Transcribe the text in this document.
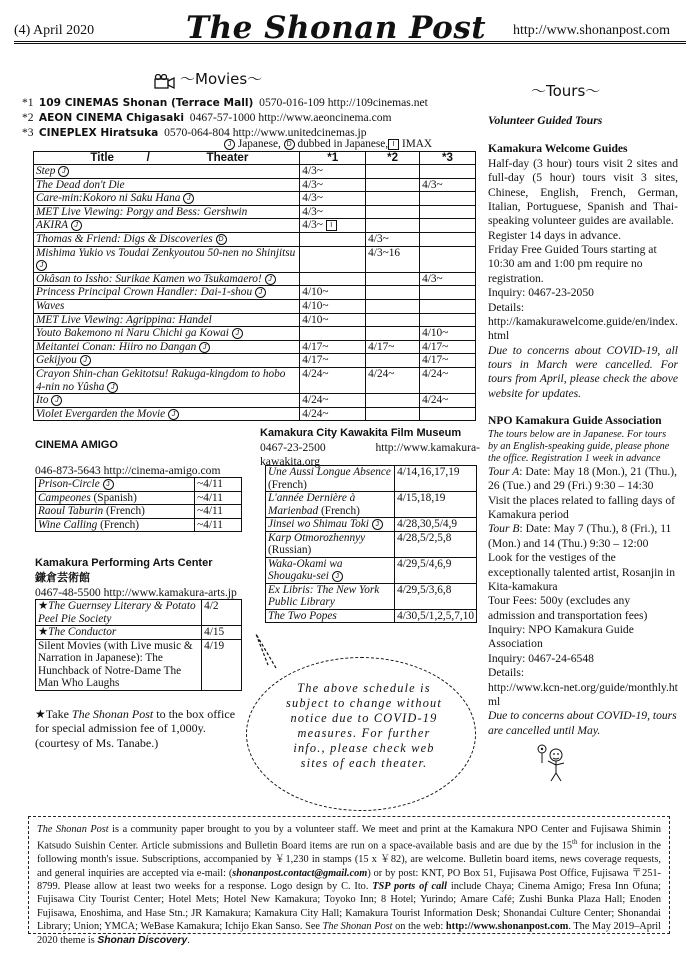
(4) April 2020	The Shonan Post http://www.shonanpost.com
〜Movies〜
*1 109 CINEMAS Shonan (Terrace Mall) 0570-016-109 http://109cinemas.net
*2 AEON CINEMA Chigasaki 0467-57-1000 http://www.aeoncinema.com
*3 CINEPLEX Hiratsuka 0570-064-804 http://www.unitedcinemas.jp
J Japanese, D dubbed in Japanese, I IMAX
Title / Theater	*1	*2	*3
Step J	4/3~		
The Dead don't Die	4/3~		4/3~
Care-min:Kokoro ni Saku Hana J	4/3~		
MET Live Viewing: Porgy and Bess: Gershwin	4/3~		
AKIRA J	4/3~ I		
Thomas & Friend: Digs & Discoveries D		4/3~	
Mishima Yukio vs Toudai Zenkyoutou 50-nen no Shinjitsu J		4/3~16	
Okâsan to Issho: Surikae Kamen wo Tsukamaero! J			4/3~
Princess Principal Crown Handler: Dai-1-shou J	4/10~		
Waves	4/10~		
MET Live Viewing: Agrippina: Handel	4/10~		
Youto Bakemono ni Naru Chichi ga Kowai J			4/10~
Meitantei Conan: Hiiro no Dangan J	4/17~	4/17~	4/17~
Gekijyou J	4/17~		4/17~
Crayon Shin-chan Gekitotsu! Rakuga-kingdom to hobo 4-nin no Yûsha J	4/24~	4/24~	4/24~
Ito J	4/24~		4/24~
Violet Evergarden the Movie J	4/24~		
〜Tours〜

Volunteer Guided Tours

Kamakura Welcome Guides

Half-day (3 hour) tours visit 2 sites and full-day (5 hour) tours visit 3 sites, Chinese, English, French, German, Italian, Portuguese, Spanish and Thai-speaking volunteer guides are available.

Register 14 days in advance.

Friday Free Guided Tours starting at 10:30 am and 1:00 pm require no registration.

Inquiry: 0467-23-2050

Details:

http://kamakurawelcome.guide/en/index.html

Due to concerns about COVID-19, all tours in March were cancelled. For tours from April, please check the above website for updates.

NPO Kamakura Guide Association

The tours below are in Japanese. For tours by an English-speaking guide, please phone the office. Registration 1 week in advance

Tour A: Date: May 18 (Mon.), 21 (Thu.), 26 (Tue.) and 29 (Fri.) 9:30 – 14:30

Visit the places related to falling days of Kamakura period

Tour B: Date: May 7 (Thu.), 8 (Fri.), 11 (Mon.) and 14 (Thu.) 9:30 – 12:00

Look for the vestiges of the exceptionally talented artist, Rosanjin in Kita-kamakura

Tour Fees: 500y (excludes any admission and transportation fees)

Inquiry: NPO Kamakura Guide Association

Inquiry: 0467-24-6548

Details:

http://www.kcn-net.org/guide/monthly.html

Due to concerns about COVID-19, tours are cancelled until May.

CINEMA AMIGO
046-873-5643 http://cinema-amigo.com
Prison-Circle J	~4/11
Campeones (Spanish)	~4/11
Raoul Taburin (French)	~4/11
Wine Calling (French)	~4/11
Kamakura Performing Arts Center
鎌倉芸術館
0467-48-5500 http://www.kamakura-arts.jp
★The Guernsey Literary & Potato Peel Pie Society	4/2
★The Conductor	4/15
Silent Movies (with Live music & Narration in Japanese): The Hunchback of Notre-Dame The Man Who Laughs	4/19
★Take The Shonan Post to the box office for special admission fee of 1,000y. (courtesy of Ms. Tanabe.)
Kamakura City Kawakita Film Museum
0467-23-2500 http://www.kamakura-kawakita.org
Une Aussi Longue Absence (French)	4/14,16,17,19
L'année Dernière à Marienbad (French)	4/15,18,19
Jinsei wo Shimau Toki J	4/28,30,5/4,9
Karp Otmorozhennyy (Russian)	4/28,5/2,5,8
Waka-Okami wa Shougaku-sei J	4/29,5/4,6,9
Ex Libris: The New York Public Library	4/29,5/3,6,8
The Two Popes	4/30,5/1,2,5,7,10
The above schedule is subject to change without notice due to COVID-19 measures. For further info., please check web sites of each theater.

The Shonan Post is a community paper brought to you by a volunteer staff. We meet and print at the Kamakura NPO Center and Fujisawa Shimin Katsudo Suishin Center. Article submissions and Bulletin Board items are run on a space-available basis and are due by the 15th for inclusion in the following month's issue. Subscriptions, accompanied by ￥1,230 in stamps (15 x ￥82), are welcome. Bulletin board items, news coverage requests, and general inquiries are accepted via e-mail: (shonanpost.contact@gmail.com) or by post: KNT, PO Box 51, Fujisawa Post Office, Fujisawa 〒251-8799. Please allow at least two weeks for a response. Logo design by C. Ito. TSP ports of call include Chaya; Cinema Amigo; Fresa Inn Ofuna; Fujisawa City Tourist Center; Hotel Mets; Hotel New Kamakura; Toyoko Inn; 8 Hotel; Yurindo; Amare Café; Zushi Bunka Plaza Hall; Enoden Fujisawa, Enoshima, and Hase Stn.; JR Kamakura; Kamakura City Hall; Kamakura Tourist Information Desk; Shonandai Culture Center; Shonandai Library; Union; YMCA; WeBase Kamakura; Ichijo Ekan Sanso. See The Shonan Post on the web: http://www.shonanpost.com. The May 2019–April 2020 theme is Shonan Discovery.
